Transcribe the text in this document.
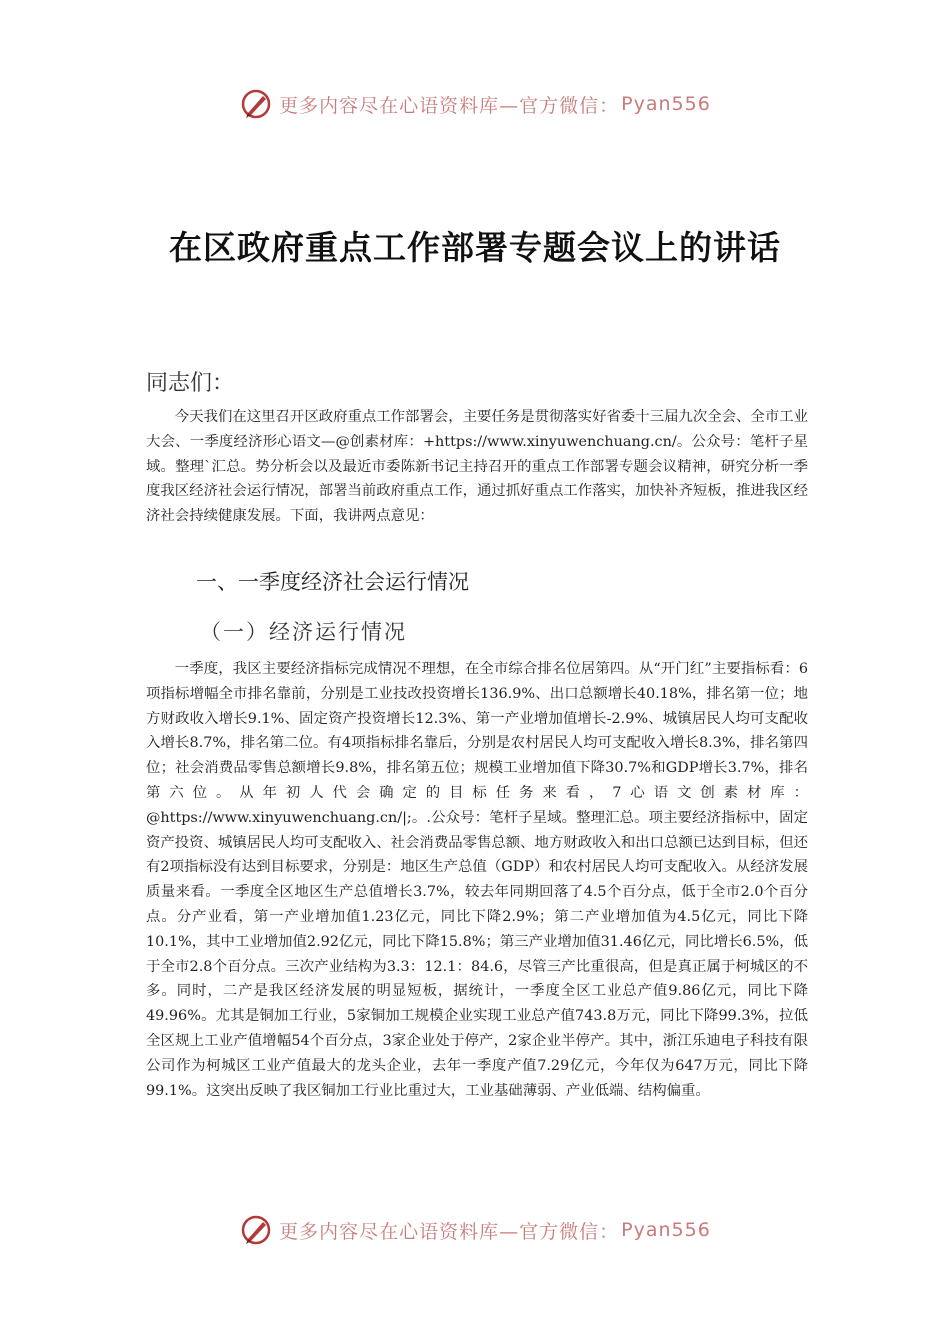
更多内容尽在心语资料库—官方微信： Pyan556
在区政府重点工作部署专题会议上的讲话
同志们：
今天我们在这里召开区政府重点工作部署会，主要任务是贯彻落实好省委十三届九次全会、全市工业大会、一季度经济形心语文—@创素材库：+https://www.xinyuwenchuang.cn/。公众号：笔杆子星域。整理`汇总。势分析会以及最近市委陈新书记主持召开的重点工作部署专题会议精神，研究分析一季度我区经济社会运行情况，部署当前政府重点工作，通过抓好重点工作落实，加快补齐短板，推进我区经济社会持续健康发展。下面，我讲两点意见：
一、一季度经济社会运行情况
（一）经济运行情况
一季度，我区主要经济指标完成情况不理想，在全市综合排名位居第四。从“开门红”主要指标看：6项指标增幅全市排名靠前，分别是工业技改投资增长136.9%、出口总额增长40.18%，排名第一位；地方财政收入增长9.1%、固定资产投资增长12.3%、第一产业增加值增长-2.9%、城镇居民人均可支配收入增长8.7%，排名第二位。有4项指标排名靠后，分别是农村居民人均可支配收入增长8.3%，排名第四位；社会消费品零售总额增长9.8%，排名第五位；规模工业增加值下降30.7%和GDP增长3.7%，排名第六位。从年初人代会确定的目标任务来看，7心语文创素材库：@https://www.xinyuwenchuang.cn/|;。.公众号：笔杆子星域。整理汇总。项主要经济指标中，固定资产投资、城镇居民人均可支配收入、社会消费品零售总额、地方财政收入和出口总额已达到目标，但还有2项指标没有达到目标要求，分别是：地区生产总值（GDP）和农村居民人均可支配收入。从经济发展质量来看。一季度全区地区生产总值增长3.7%，较去年同期回落了4.5个百分点，低于全市2.0个百分点。分产业看，第一产业增加值1.23亿元，同比下降2.9%；第二产业增加值为4.5亿元，同比下降10.1%，其中工业增加值2.92亿元，同比下降15.8%；第三产业增加值31.46亿元，同比增长6.5%，低于全市2.8个百分点。三次产业结构为3.3：12.1：84.6，尽管三产比重很高，但是真正属于柯城区的不多。同时，二产是我区经济发展的明显短板，据统计，一季度全区工业总产值9.86亿元，同比下降49.96%。尤其是铜加工行业，5家铜加工规模企业实现工业总产值743.8万元，同比下降99.3%，拉低全区规上工业产值增幅54个百分点，3家企业处于停产，2家企业半停产。其中，浙江乐迪电子科技有限公司作为柯城区工业产值最大的龙头企业，去年一季度产值7.29亿元，今年仅为647万元，同比下降99.1%。这突出反映了我区铜加工行业比重过大，工业基础薄弱、产业低端、结构偏重。
更多内容尽在心语资料库—官方微信： Pyan556
